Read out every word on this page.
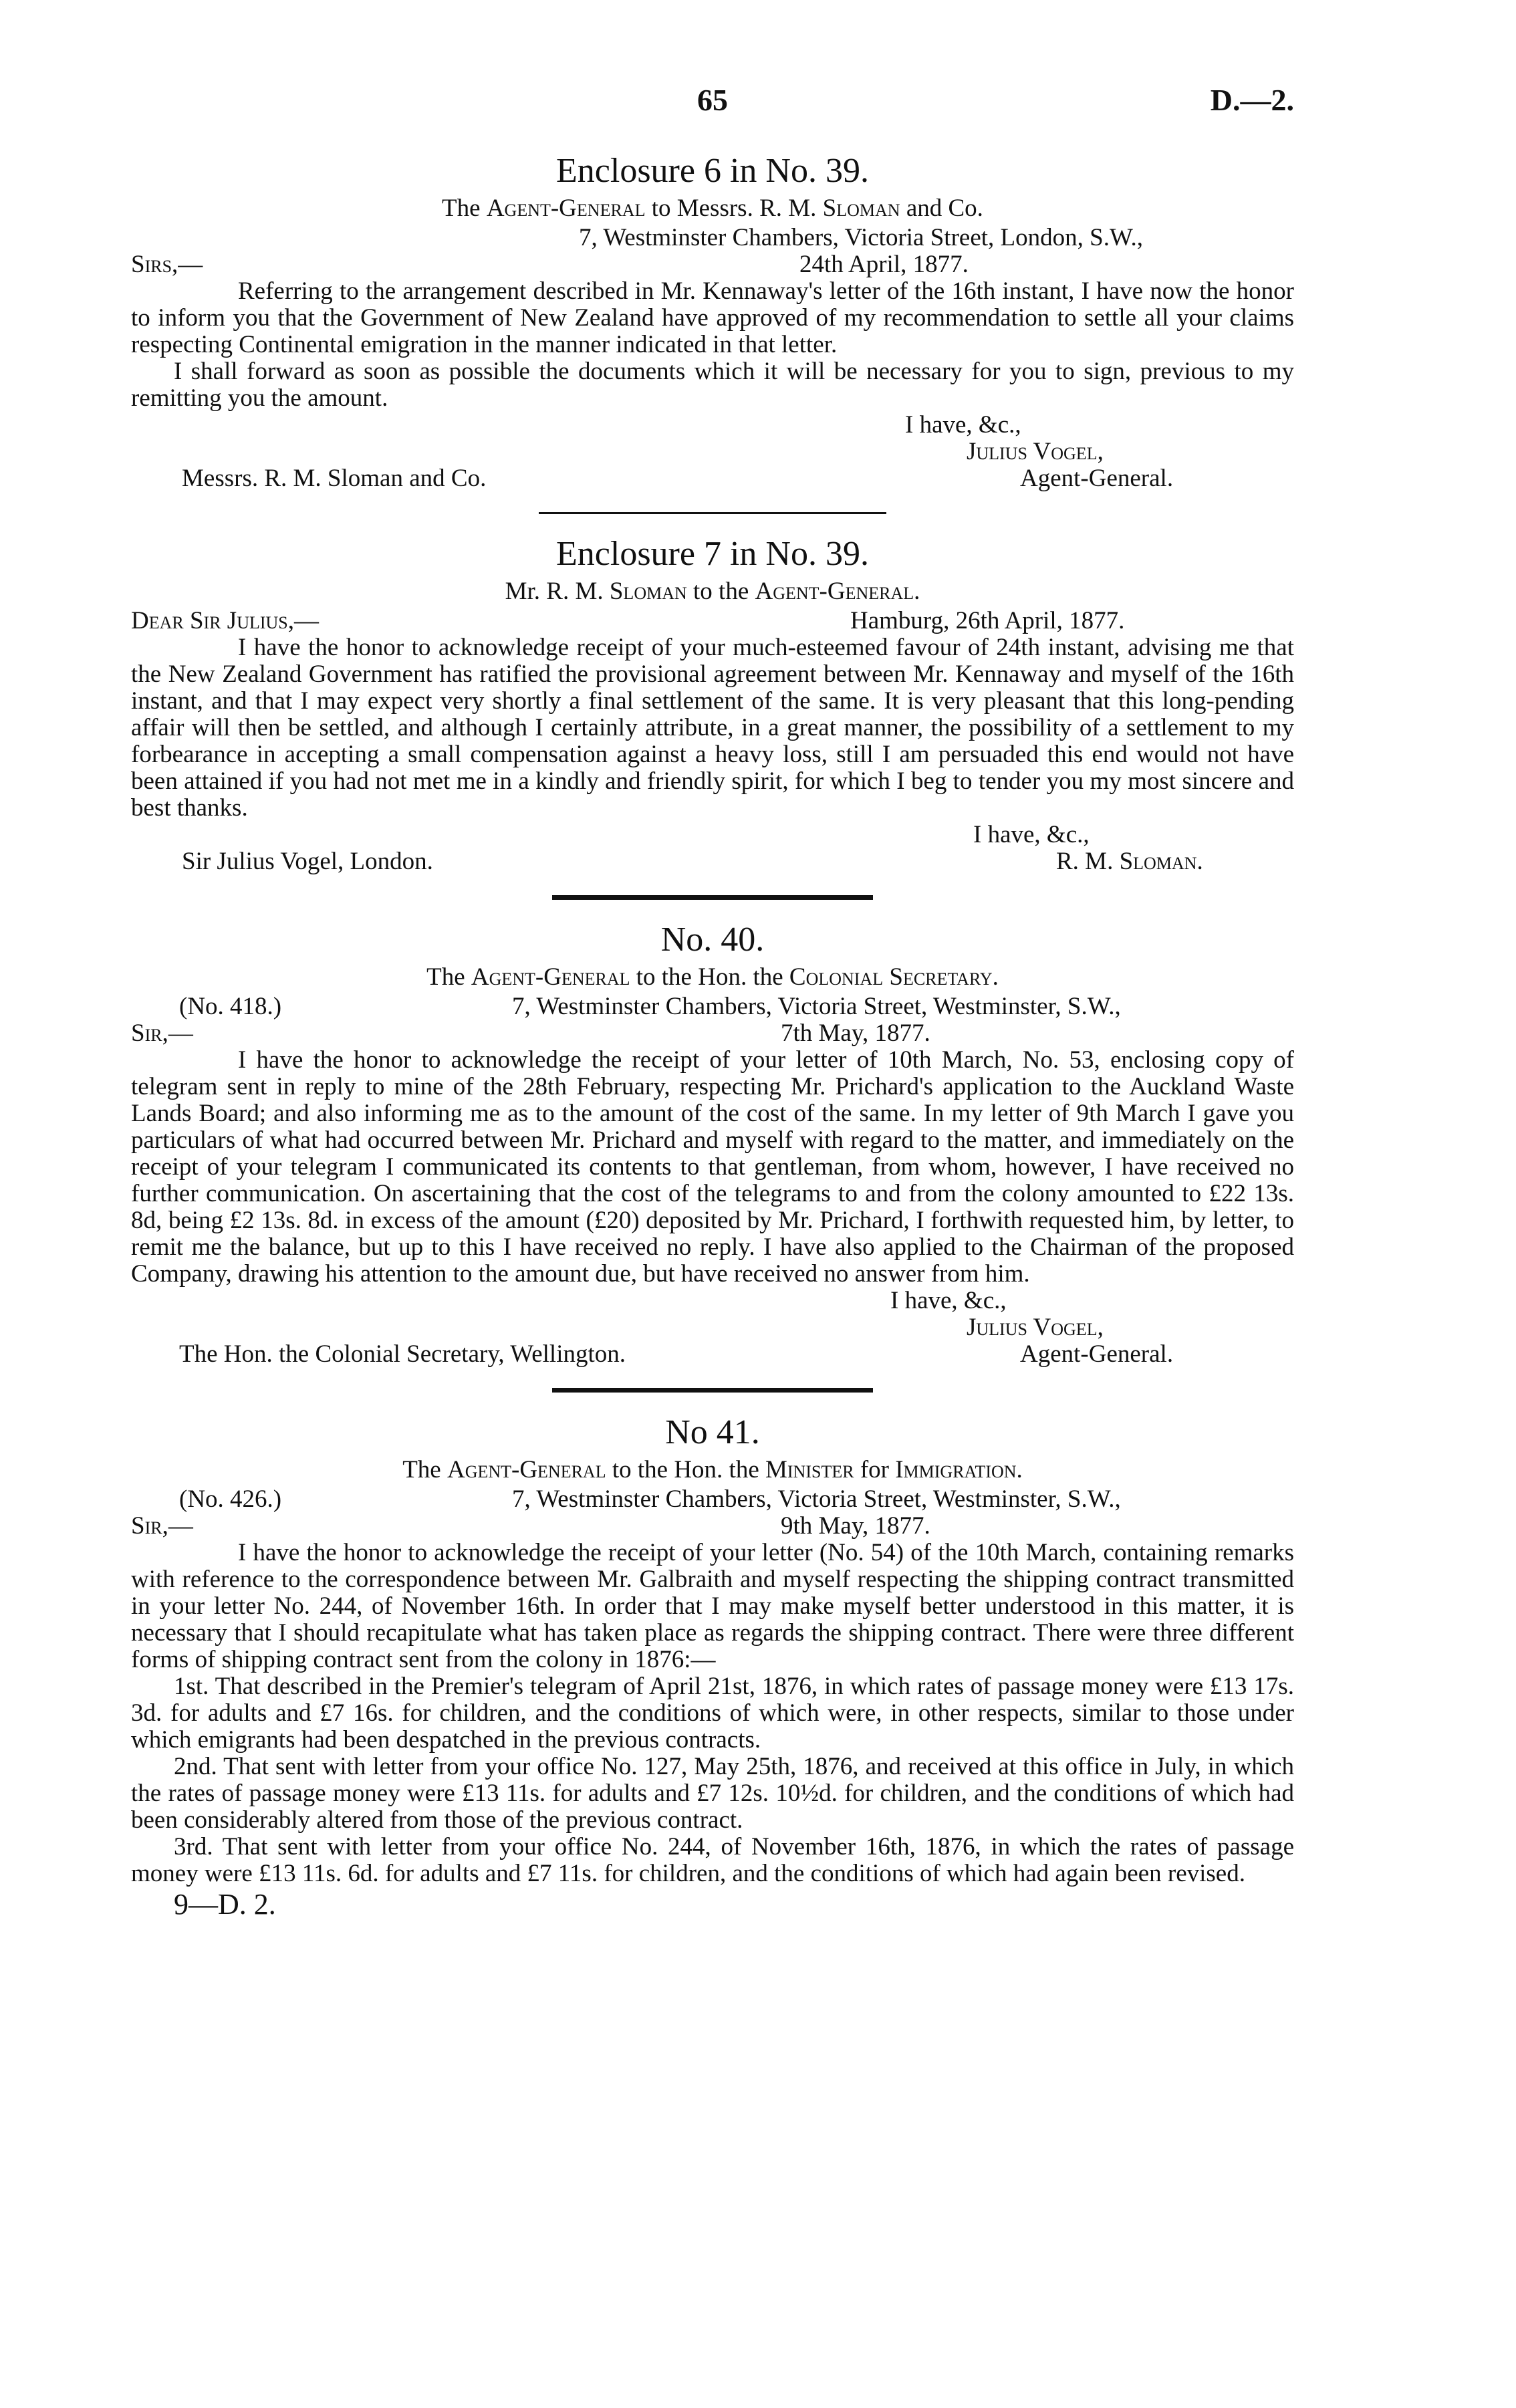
65	D.—2.
Enclosure 6 in No. 39.
The Agent-General to Messrs. R. M. Sloman and Co.
7, Westminster Chambers, Victoria Street, London, S.W.,
Sirs,—	24th April, 1877.
Referring to the arrangement described in Mr. Kennaway's letter of the 16th instant, I have now the honor to inform you that the Government of New Zealand have approved of my recommendation to settle all your claims respecting Continental emigration in the manner indicated in that letter.
I shall forward as soon as possible the documents which it will be necessary for you to sign, previous to my remitting you the amount.
I have, &c.,
Julius Vogel,
Messrs. R. M. Sloman and Co.	Agent-General.
Enclosure 7 in No. 39.
Mr. R. M. Sloman to the Agent-General.
Dear Sir Julius,—	Hamburg, 26th April, 1877.
I have the honor to acknowledge receipt of your much-esteemed favour of 24th instant, advising me that the New Zealand Government has ratified the provisional agreement between Mr. Kennaway and myself of the 16th instant, and that I may expect very shortly a final settlement of the same. It is very pleasant that this long-pending affair will then be settled, and although I certainly attribute, in a great manner, the possibility of a settlement to my forbearance in accepting a small compensation against a heavy loss, still I am persuaded this end would not have been attained if you had not met me in a kindly and friendly spirit, for which I beg to tender you my most sincere and best thanks.
I have, &c.,
Sir Julius Vogel, London.	R. M. Sloman.
No. 40.
The Agent-General to the Hon. the Colonial Secretary.
(No. 418.)	7, Westminster Chambers, Victoria Street, Westminster, S.W.,
Sir,—	7th May, 1877.
I have the honor to acknowledge the receipt of your letter of 10th March, No. 53, enclosing copy of telegram sent in reply to mine of the 28th February, respecting Mr. Prichard's application to the Auckland Waste Lands Board; and also informing me as to the amount of the cost of the same. In my letter of 9th March I gave you particulars of what had occurred between Mr. Prichard and myself with regard to the matter, and immediately on the receipt of your telegram I communicated its contents to that gentleman, from whom, however, I have received no further communication. On ascertaining that the cost of the telegrams to and from the colony amounted to £22 13s. 8d, being £2 13s. 8d. in excess of the amount (£20) deposited by Mr. Prichard, I forthwith requested him, by letter, to remit me the balance, but up to this I have received no reply. I have also applied to the Chairman of the proposed Company, drawing his attention to the amount due, but have received no answer from him.
I have, &c.,
Julius Vogel,
The Hon. the Colonial Secretary, Wellington.	Agent-General.
No 41.
The Agent-General to the Hon. the Minister for Immigration.
(No. 426.)	7, Westminster Chambers, Victoria Street, Westminster, S.W.,
Sir,—	9th May, 1877.
I have the honor to acknowledge the receipt of your letter (No. 54) of the 10th March, containing remarks with reference to the correspondence between Mr. Galbraith and myself respecting the shipping contract transmitted in your letter No. 244, of November 16th. In order that I may make myself better understood in this matter, it is necessary that I should recapitulate what has taken place as regards the shipping contract. There were three different forms of shipping contract sent from the colony in 1876:—
1st. That described in the Premier's telegram of April 21st, 1876, in which rates of passage money were £13 17s. 3d. for adults and £7 16s. for children, and the conditions of which were, in other respects, similar to those under which emigrants had been despatched in the previous contracts.
2nd. That sent with letter from your office No. 127, May 25th, 1876, and received at this office in July, in which the rates of passage money were £13 11s. for adults and £7 12s. 10½d. for children, and the conditions of which had been considerably altered from those of the previous contract.
3rd. That sent with letter from your office No. 244, of November 16th, 1876, in which the rates of passage money were £13 11s. 6d. for adults and £7 11s. for children, and the conditions of which had again been revised.
9—D. 2.
